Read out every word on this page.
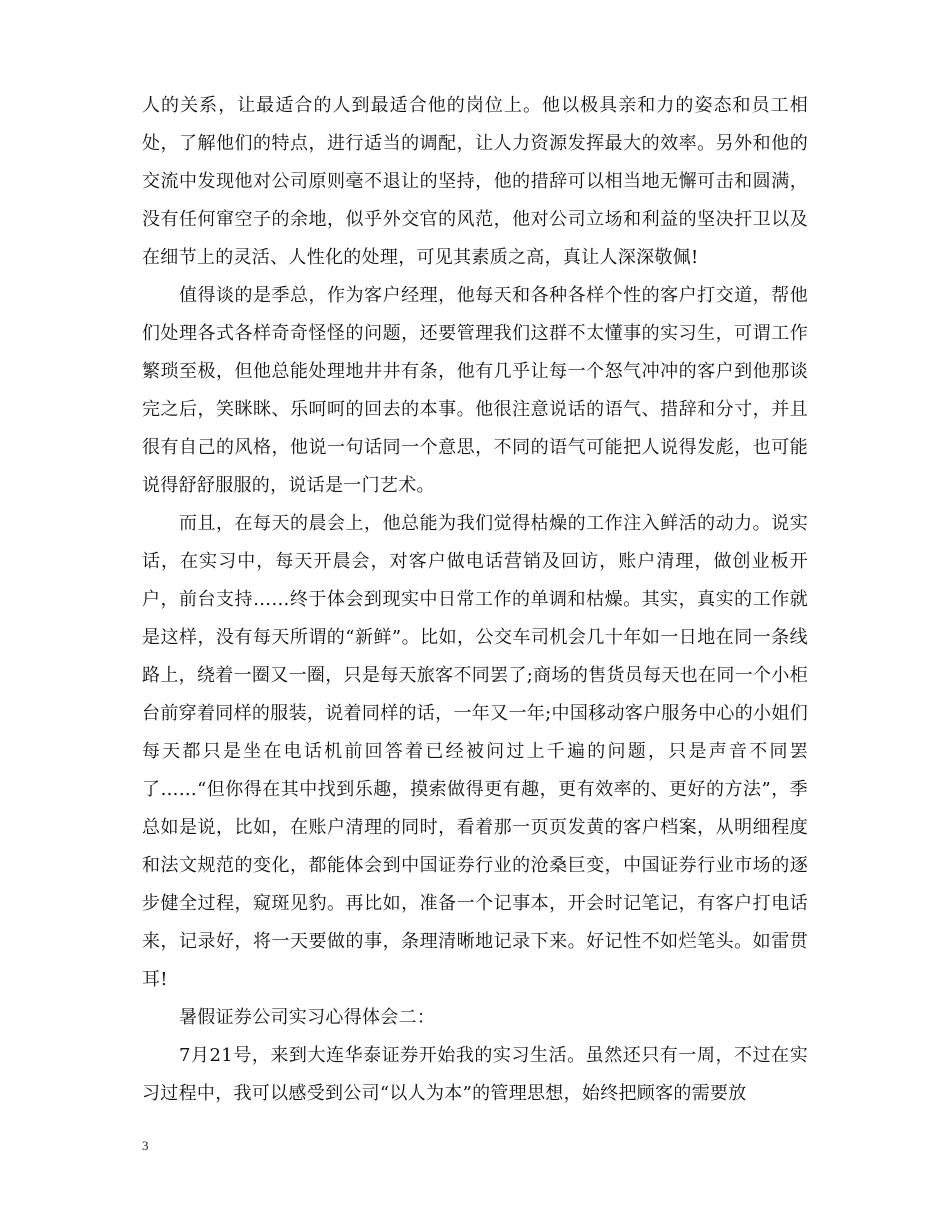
人的关系，让最适合的人到最适合他的岗位上。他以极具亲和力的姿态和员工相处，了解他们的特点，进行适当的调配，让人力资源发挥最大的效率。另外和他的交流中发现他对公司原则毫不退让的坚持，他的措辞可以相当地无懈可击和圆满，没有任何窜空子的余地，似乎外交官的风范，他对公司立场和利益的坚决扞卫以及在细节上的灵活、人性化的处理，可见其素质之高，真让人深深敬佩!

值得谈的是季总，作为客户经理，他每天和各种各样个性的客户打交道，帮他们处理各式各样奇奇怪怪的问题，还要管理我们这群不太懂事的实习生，可谓工作繁琐至极，但他总能处理地井井有条，他有几乎让每一个怒气冲冲的客户到他那谈完之后，笑眯眯、乐呵呵的回去的本事。他很注意说话的语气、措辞和分寸，并且很有自己的风格，他说一句话同一个意思，不同的语气可能把人说得发彪，也可能说得舒舒服服的，说话是一门艺术。

而且，在每天的晨会上，他总能为我们觉得枯燥的工作注入鲜活的动力。说实话，在实习中，每天开晨会，对客户做电话营销及回访，账户清理，做创业板开户，前台支持……终于体会到现实中日常工作的单调和枯燥。其实，真实的工作就是这样，没有每天所谓的“新鲜”。比如，公交车司机会几十年如一日地在同一条线路上，绕着一圈又一圈，只是每天旅客不同罢了;商场的售货员每天也在同一个小柜台前穿着同样的服装，说着同样的话，一年又一年;中国移动客户服务中心的小姐们每天都只是坐在电话机前回答着已经被问过上千遍的问题，只是声音不同罢了……“但你得在其中找到乐趣，摸索做得更有趣，更有效率的、更好的方法”，季总如是说，比如，在账户清理的同时，看着那一页页发黄的客户档案，从明细程度和法文规范的变化，都能体会到中国证券行业的沧桑巨变，中国证券行业市场的逐步健全过程，窥斑见豹。再比如，准备一个记事本，开会时记笔记，有客户打电话来，记录好，将一天要做的事，条理清晰地记录下来。好记性不如烂笔头。如雷贯耳!

暑假证券公司实习心得体会二：

7月21号，来到大连华泰证券开始我的实习生活。虽然还只有一周，不过在实习过程中，我可以感受到公司“以人为本”的管理思想，始终把顾客的需要放

3
